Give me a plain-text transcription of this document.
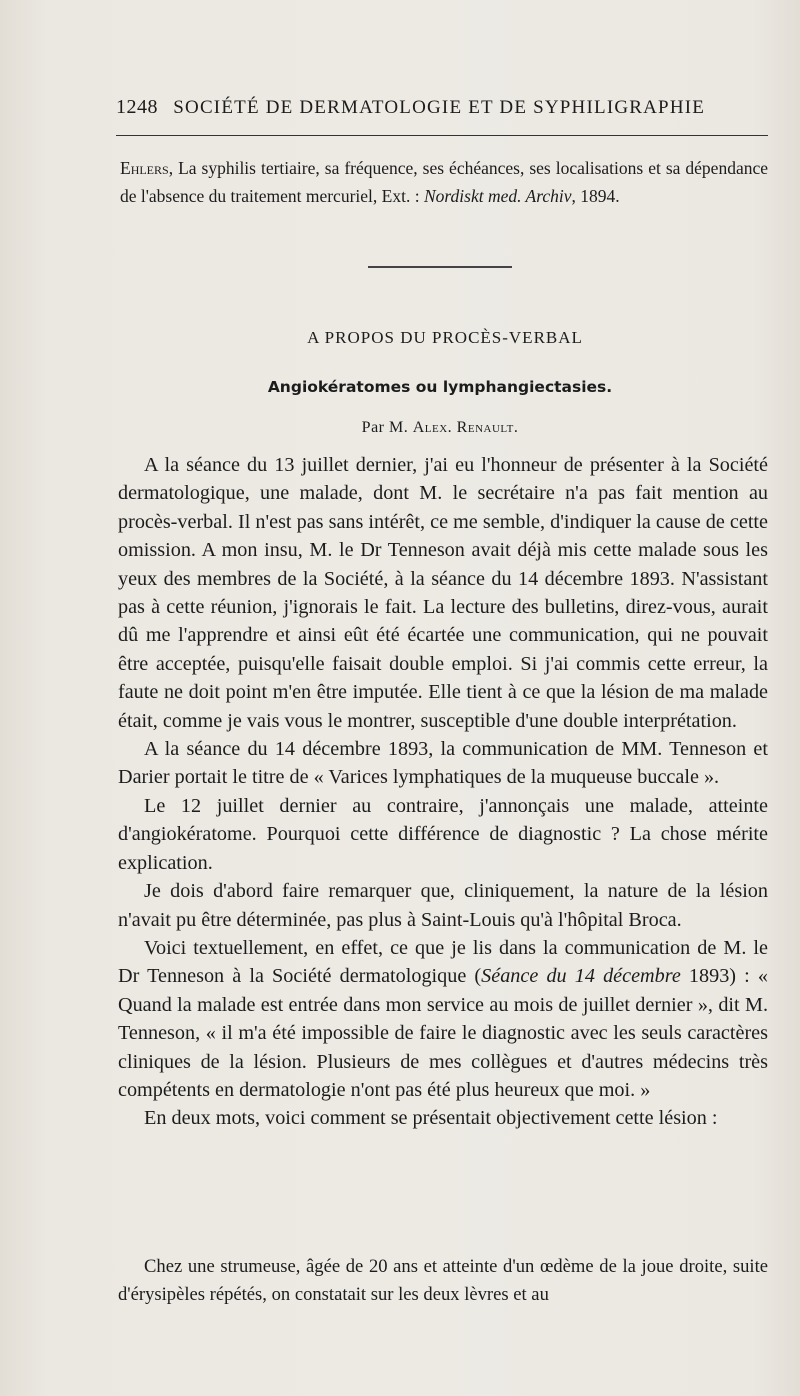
1248 SOCIÉTÉ DE DERMATOLOGIE ET DE SYPHILIGRAPHIE
Ehlers, La syphilis tertiaire, sa fréquence, ses échéances, ses localisations et sa dépendance de l'absence du traitement mercuriel, Ext. : Nordiskt med. Archiv, 1894.
A PROPOS DU PROCÈS-VERBAL
Angiokératomes ou lymphangiectasies.
Par M. Alex. Renault.

A la séance du 13 juillet dernier, j'ai eu l'honneur de présenter à la Société dermatologique, une malade, dont M. le secrétaire n'a pas fait mention au procès-verbal. Il n'est pas sans intérêt, ce me semble, d'indiquer la cause de cette omission. A mon insu, M. le Dr Tenneson avait déjà mis cette malade sous les yeux des membres de la Société, à la séance du 14 décembre 1893. N'assistant pas à cette réunion, j'ignorais le fait. La lecture des bulletins, direz-vous, aurait dû me l'apprendre et ainsi eût été écartée une communication, qui ne pouvait être acceptée, puisqu'elle faisait double emploi. Si j'ai commis cette erreur, la faute ne doit point m'en être imputée. Elle tient à ce que la lésion de ma malade était, comme je vais vous le montrer, susceptible d'une double interprétation.

A la séance du 14 décembre 1893, la communication de MM. Tenneson et Darier portait le titre de « Varices lymphatiques de la muqueuse buccale ».

Le 12 juillet dernier au contraire, j'annonçais une malade, atteinte d'angiokératome. Pourquoi cette différence de diagnostic ? La chose mérite explication.

Je dois d'abord faire remarquer que, cliniquement, la nature de la lésion n'avait pu être déterminée, pas plus à Saint-Louis qu'à l'hôpital Broca.

Voici textuellement, en effet, ce que je lis dans la communication de M. le Dr Tenneson à la Société dermatologique (Séance du 14 décembre 1893) : « Quand la malade est entrée dans mon service au mois de juillet dernier », dit M. Tenneson, « il m'a été impossible de faire le diagnostic avec les seuls caractères cliniques de la lésion. Plusieurs de mes collègues et d'autres médecins très compétents en dermatologie n'ont pas été plus heureux que moi. »

En deux mots, voici comment se présentait objectivement cette lésion :

Chez une strumeuse, âgée de 20 ans et atteinte d'un œdème de la joue droite, suite d'érysipèles répétés, on constatait sur les deux lèvres et au
